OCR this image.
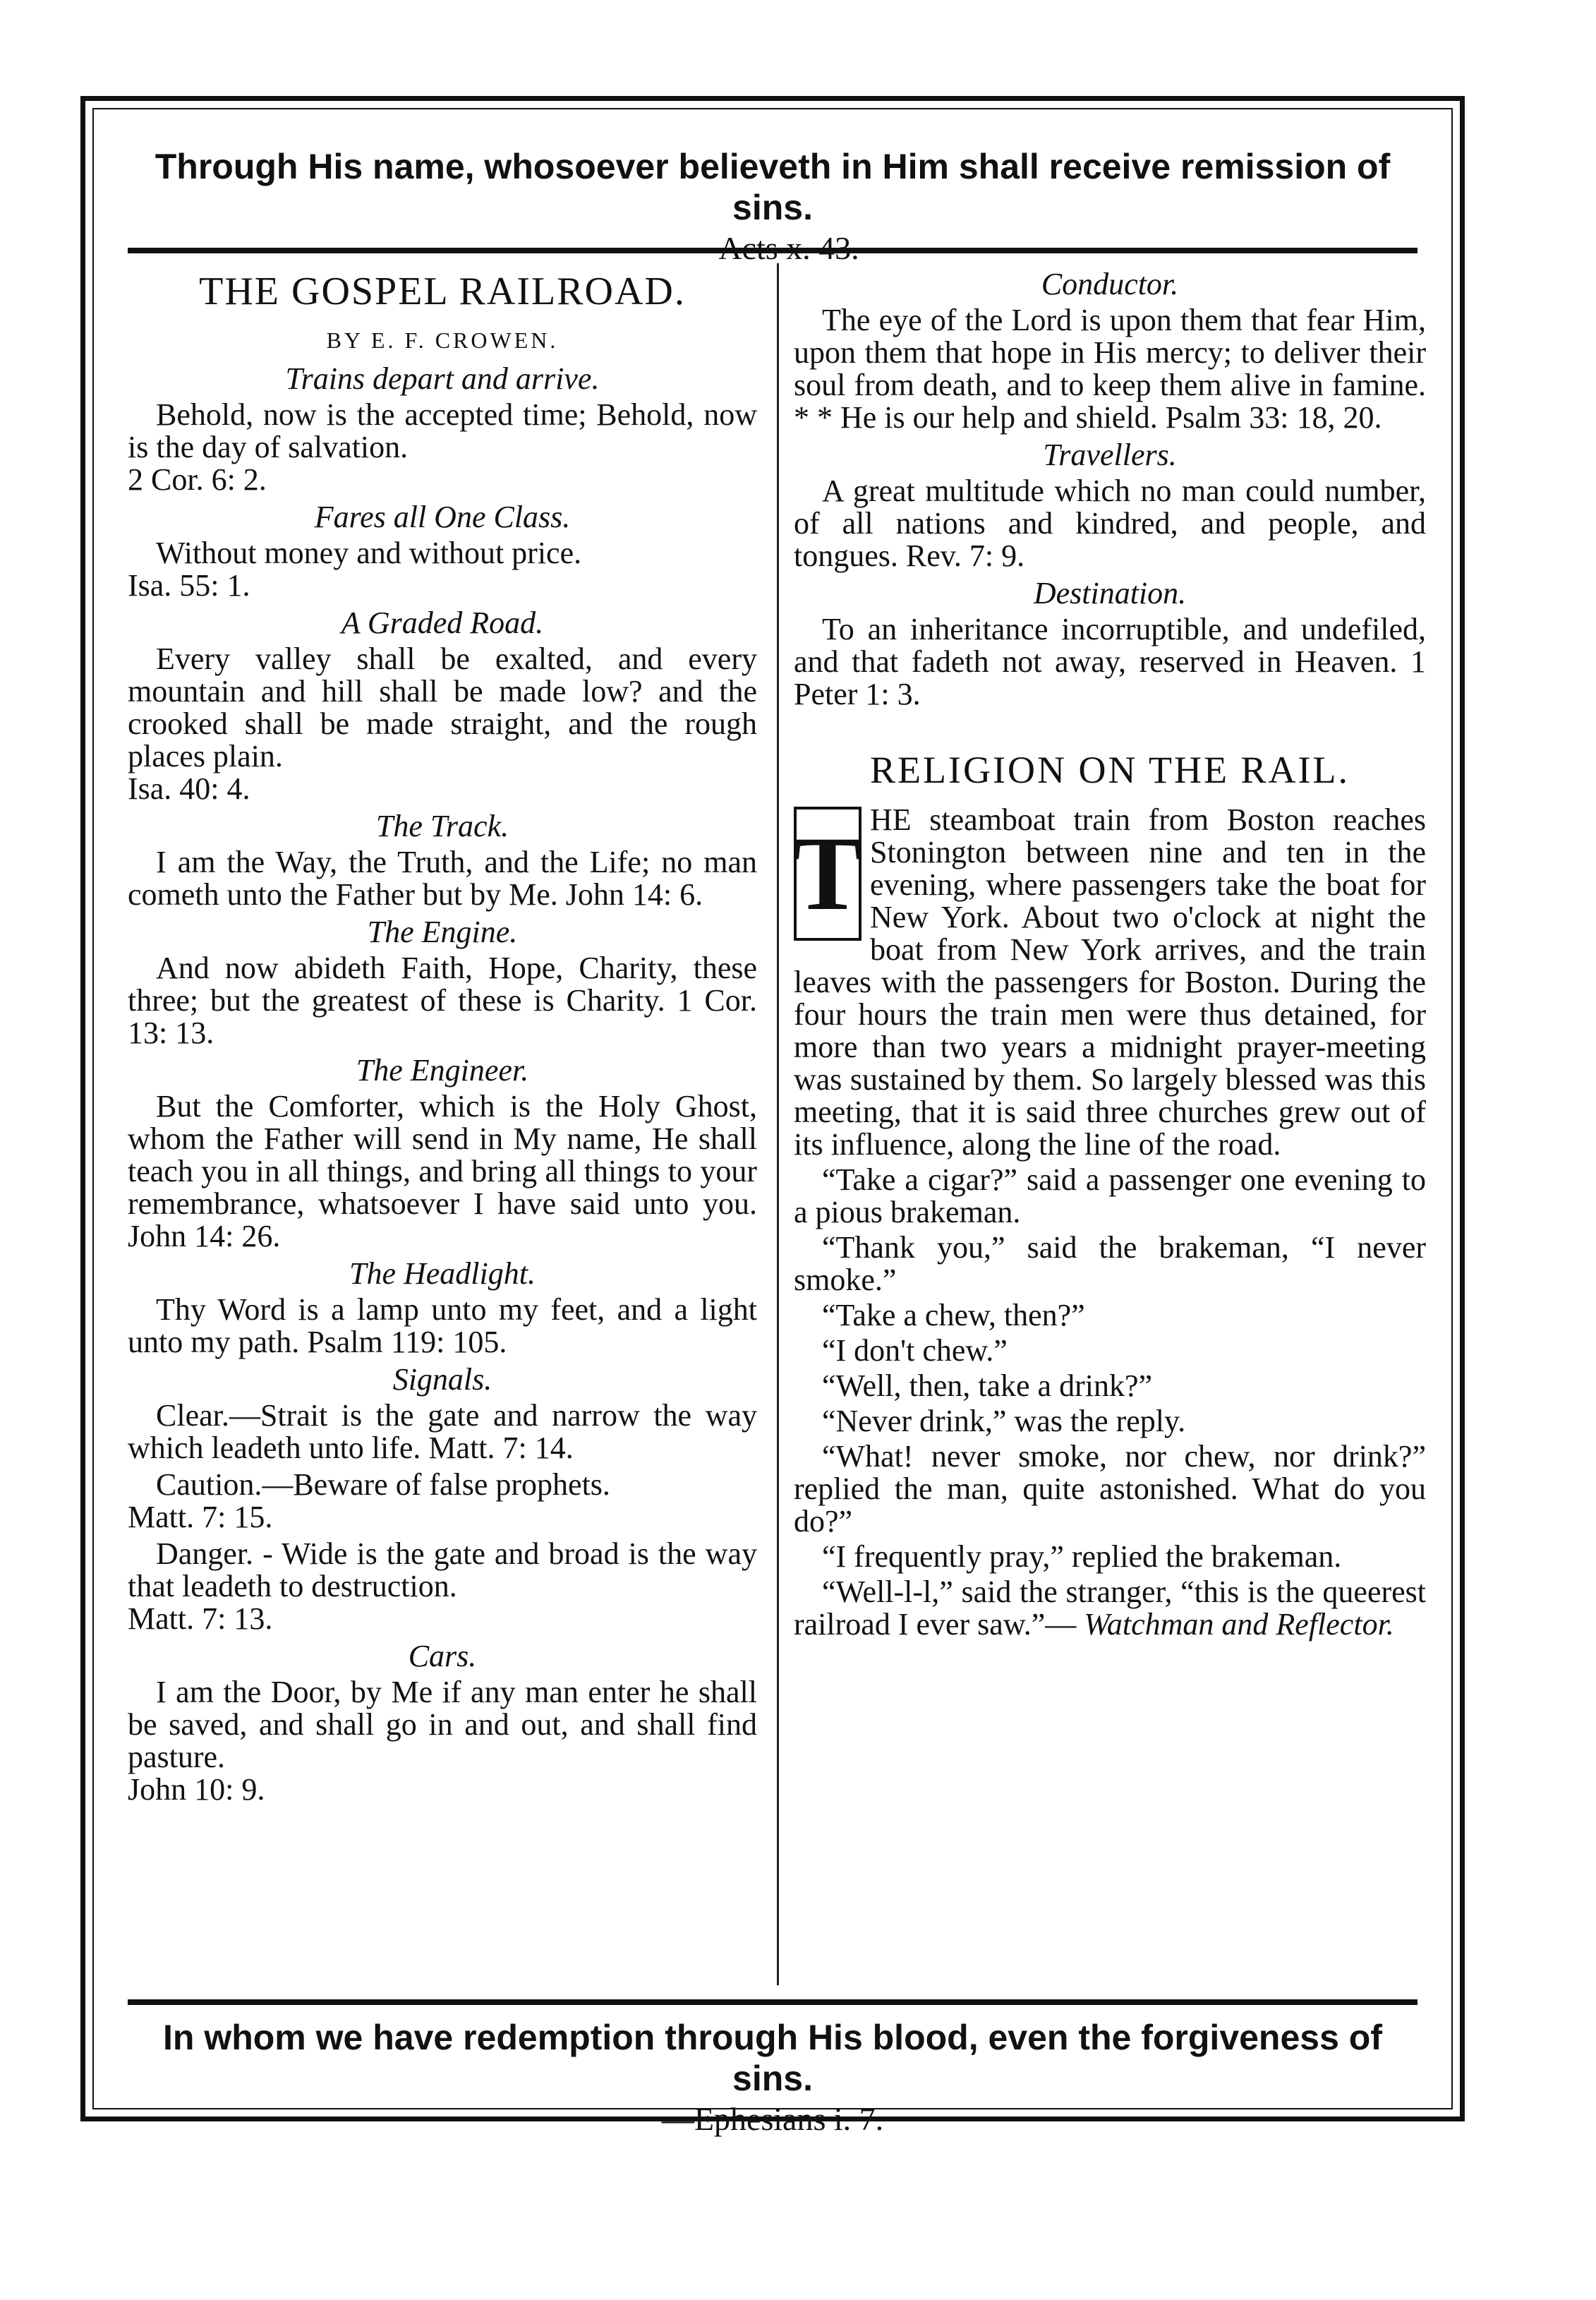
Through His name, whosoever believeth in Him shall receive remission of sins.
THE GOSPEL RAILROAD.
BY E. F. CROWEN.
Trains depart and arrive.
Behold, now is the accepted time; Behold, now is the day of salvation.
2 Cor. 6: 2.
Fares all One Class.
Without money and without price.
Isa. 55: 1.
A Graded Road.
Every valley shall be exalted, and every mountain and hill shall be made low? and the crooked shall be made straight, and the rough places plain.
Isa. 40: 4.
The Track.
I am the Way, the Truth, and the Life; no man cometh unto the Father but by Me. John 14: 6.
The Engine.
And now abideth Faith, Hope, Charity, these three; but the greatest of these is Charity. 1 Cor. 13: 13.
The Engineer.
But the Comforter, which is the Holy Ghost, whom the Father will send in My name, He shall teach you in all things, and bring all things to your remembrance, whatsoever I have said unto you. John 14: 26.
The Headlight.
Thy Word is a lamp unto my feet, and a light unto my path. Psalm 119: 105.
Signals.
Clear.—Strait is the gate and narrow the way which leadeth unto life. Matt. 7: 14.
Caution.—Beware of false prophets.
Matt. 7: 15.
Danger. - Wide is the gate and broad is the way that leadeth to destruction.
Matt. 7: 13.
Cars.
I am the Door, by Me if any man enter he shall be saved, and shall go in and out, and shall find pasture.
John 10: 9.
Conductor.
The eye of the Lord is upon them that fear Him, upon them that hope in His mercy; to deliver their soul from death, and to keep them alive in famine. * * He is our help and shield. Psalm 33: 18, 20.
Travellers.
A great multitude which no man could number, of all nations and kindred, and people, and tongues. Rev. 7: 9.
Destination.
To an inheritance incorruptible, and undefiled, and that fadeth not away, reserved in Heaven. 1 Peter 1: 3.
RELIGION ON THE RAIL.
T HE steamboat train from Boston reaches Stonington between nine and ten in the evening, where passengers take the boat for New York. About two o'clock at night the boat from New York arrives, and the train leaves with the passengers for Boston. During the four hours the train men were thus detained, for more than two years a midnight prayer-meeting was sustained by them. So largely blessed was this meeting, that it is said three churches grew out of its influence, along the line of the road.
“Take a cigar?” said a passenger one evening to a pious brakeman.
“Thank you,” said the brakeman, “I never smoke.”
“Take a chew, then?”
“I don't chew.”
“Well, then, take a drink?”
“Never drink,” was the reply.
“What! never smoke, nor chew, nor drink?” replied the man, quite astonished. What do you do?”
“I frequently pray,” replied the brakeman.
“Well-l-l,” said the stranger, “this is the queerest railroad I ever saw.”— Watchman and Reflector.
In whom we have redemption through His blood, even the forgiveness of sins.
—Ephesians i. 7.
